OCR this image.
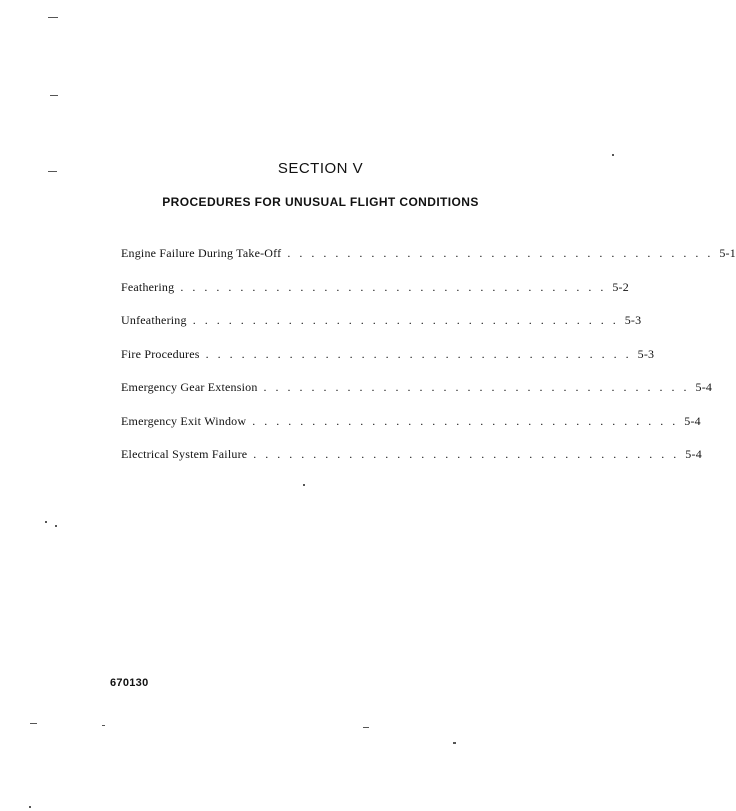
SECTION V
PROCEDURES FOR UNUSUAL FLIGHT CONDITIONS
Engine Failure During Take-Off .................................... 5-1
Feathering .................................... 5-2
Unfeathering .................................... 5-3
Fire Procedures .................................... 5-3
Emergency Gear Extension .................................... 5-4
Emergency Exit Window .................................... 5-4
Electrical System Failure .................................... 5-4
670130
